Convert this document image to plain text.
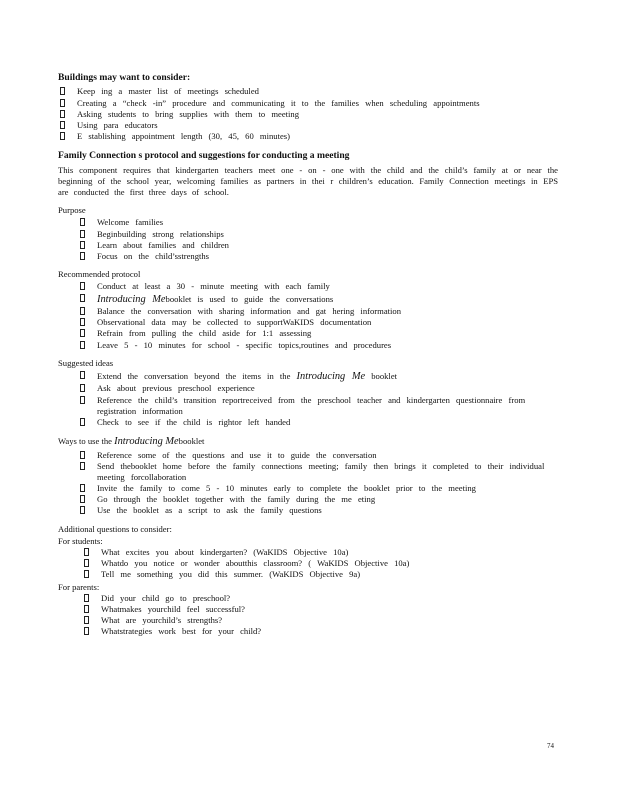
Buildings may want to consider:
Keep ing a master list of meetings scheduled
Creating a “check -in” procedure and communicating it to the families when scheduling appointments
Asking students to bring supplies with them to meeting
Using para educators
E stablishing appointment length (30, 45, 60 minutes)
Family Connection s protocol and suggestions for conducting a meeting
This component requires that kindergarten teachers meet one - on - one with the child and the child’s family at or near the beginning of the school year, welcoming families as partners in thei r children’s education. Family Connection meetings in EPS are conducted the first three days of school.
Purpose
Welcome families
Beginbuilding strong relationships
Learn about families and children
Focus on the child’sstrengths
Recommended protocol
Conduct at least a 30 - minute meeting with each family
Introducing Mebooklet is used to guide the conversations
Balance the conversation with sharing information and gat hering information
Observational data may be collected to supportWaKIDS documentation
Refrain from pulling the child aside for 1:1 assessing
Leave 5 - 10 minutes for school - specific topics,routines and procedures
Suggested ideas
Extend the conversation beyond the items in the Introducing Me booklet
Ask about previous preschool experience
Reference the child’s transition reportreceived from the preschool teacher and kindergarten questionnaire from registration information
Check to see if the child is rightor left handed
Ways to use the Introducing Mebooklet
Reference some of the questions and use it to guide the conversation
Send thebooklet home before the family connections meeting; family then brings it completed to their individual meeting forcollaboration
Invite the family to come 5 - 10 minutes early to complete the booklet prior to the meeting
Go through the booklet together with the family during the me eting
Use the booklet as a script to ask the family questions
Additional questions to consider:
For students:
What excites you about kindergarten? (WaKIDS Objective 10a)
Whatdo you notice or wonder aboutthis classroom? ( WaKIDS Objective 10a)
Tell me something you did this summer. (WaKIDS Objective 9a)
For parents:
Did your child go to preschool?
Whatmakes yourchild feel successful?
What are yourchild’s strengths?
Whatstrategies work best for your child?
74
